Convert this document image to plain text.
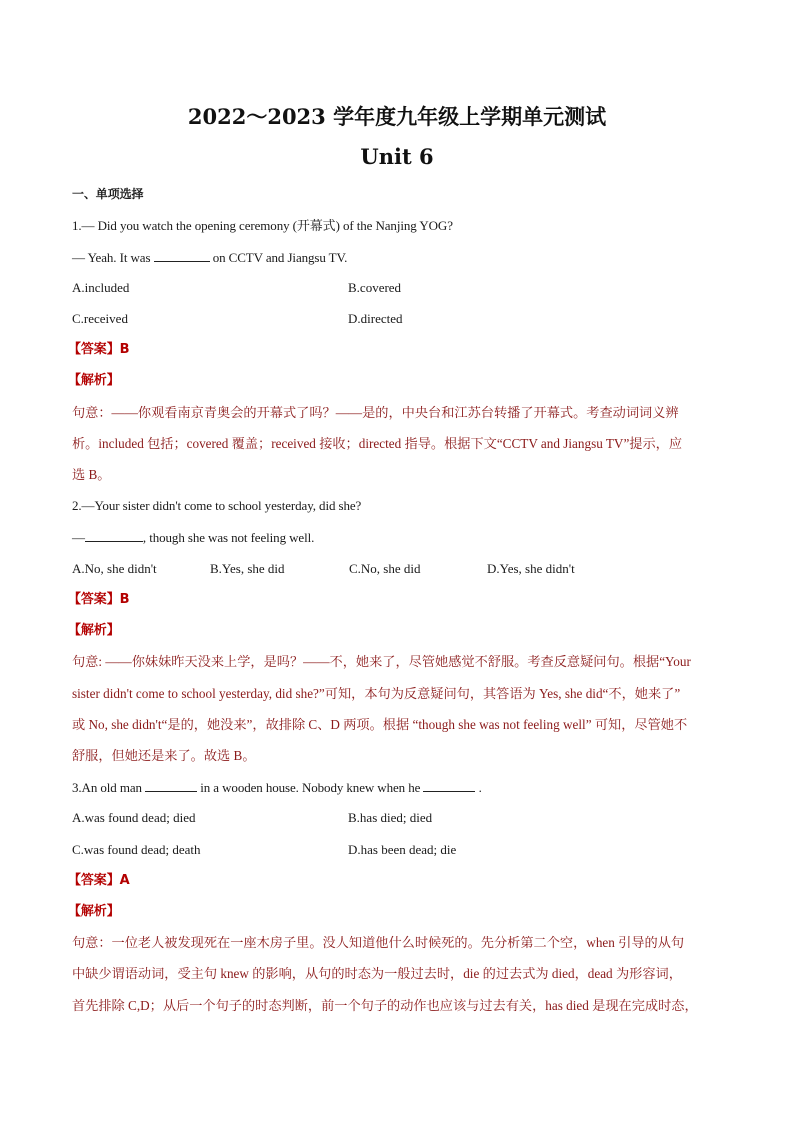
2022～2023 学年度九年级上学期单元测试
Unit 6
一、单项选择
1.— Did you watch the opening ceremony (开幕式) of the Nanjing YOG?
— Yeah. It was	on CCTV and Jiangsu TV.
A.included	B.covered
C.received	D.directed
【答案】B
【解析】
句意：——你观看南京青奥会的开幕式了吗？——是的，中央台和江苏台转播了开幕式。考查动词词义辨
析。included 包括；covered 覆盖；received 接收；directed 指导。根据下文“CCTV and Jiangsu TV”提示，应
选 B。
2.—Your sister didn't come to school yesterday, did she?
—	, though she was not feeling well.
A.No, she didn't	B.Yes, she did	C.No, she did	D.Yes, she didn't
【答案】B
【解析】
句意: ——你妹妹昨天没来上学，是吗？——不，她来了，尽管她感觉不舒服。考查反意疑问句。根据“Your
sister didn't come to school yesterday, did she?”可知，本句为反意疑问句，其答语为 Yes, she did“不，她来了”
或 No, she didn't“是的，她没来”，故排除 C、D 两项。根据 “though she was not feeling well” 可知，尽管她不
舒服，但她还是来了。故选 B。
3.An old man	in a wooden house. Nobody knew when he	.
A.was found dead; died	B.has died; died
C.was found dead; death	D.has been dead; die
【答案】A
【解析】
句意：一位老人被发现死在一座木房子里。没人知道他什么时候死的。先分析第二个空，when 引导的从句
中缺少谓语动词，受主句 knew 的影响，从句的时态为一般过去时，die 的过去式为 died，dead 为形容词，
首先排除 C,D；从后一个句子的时态判断，前一个句子的动作也应该与过去有关，has died 是现在完成时态，
